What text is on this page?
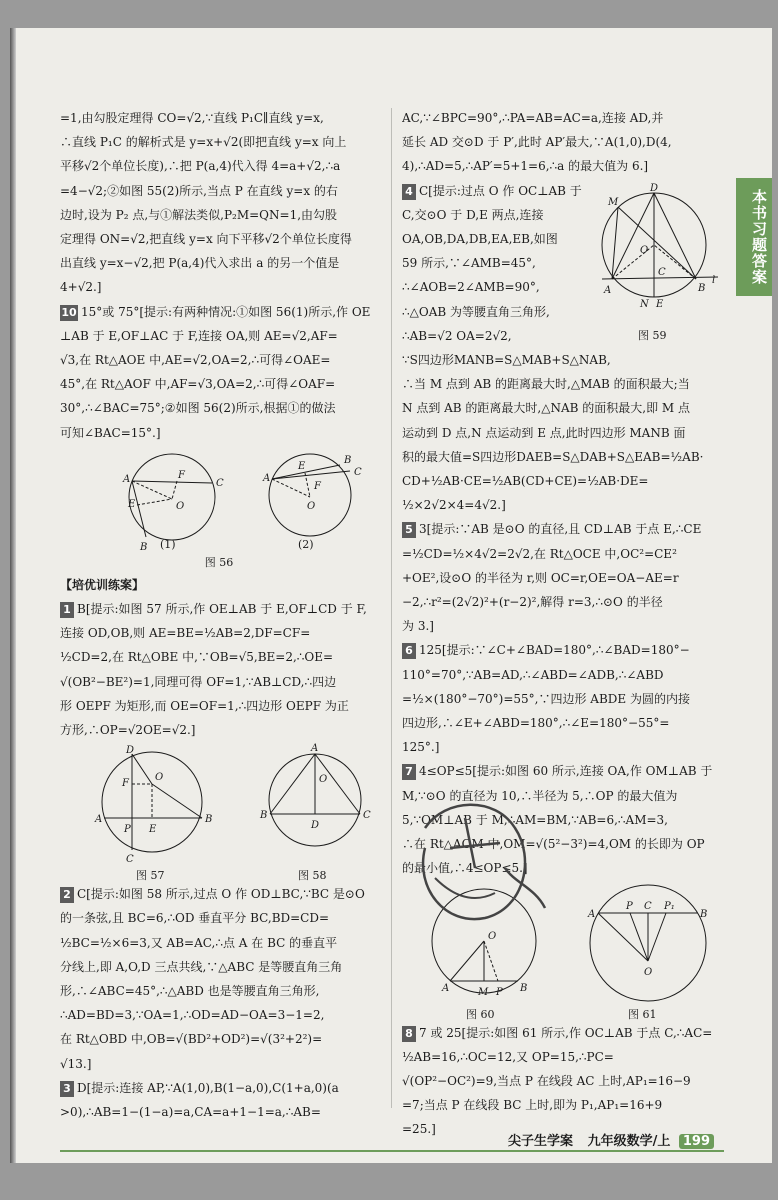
本书习题答案
=1,由勾股定理得 CO=√2,∵直线 P₁C∥直线 y=x,
∴直线 P₁C 的解析式是 y=x+√2(即把直线 y=x 向上
平移√2个单位长度),∴把 P(a,4)代入得 4=a+√2,∴a
=4−√2;②如图 55(2)所示,当点 P 在直线 y=x 的右
边时,设为 P₂ 点,与①解法类似,P₂M=QN=1,由勾股
定理得 ON=√2,把直线 y=x 向下平移√2个单位长度得
出直线 y=x−√2,把 P(a,4)代入求出 a 的另一个值是
4+√2.]
10 15°或 75°[提示:有两种情况:①如图 56(1)所示,作 OE
⊥AB 于 E,OF⊥AC 于 F,连接 OA,则 AE=√2,AF=
√3,在 Rt△AOE 中,AE=√2,OA=2,∴可得∠OAE=
45°,在 Rt△AOF 中,AF=√3,OA=2,∴可得∠OAF=
30°,∴∠BAC=75°;②如图 56(2)所示,根据①的做法
可知∠BAC=15°.]
A	F
C
E	O
B
A
E
B
C
F
O
(1)	(2)
图 56
【培优训练案】
1 B[提示:如图 57 所示,作 OE⊥AB 于 E,OF⊥CD 于 F,
连接 OD,OB,则 AE=BE=½AB=2,DF=CF=
½CD=2,在 Rt△OBE 中,∵OB=√5,BE=2,∴OE=
√(OB²−BE²)=1,同理可得 OF=1,∵AB⊥CD,∴四边
形 OEPF 为矩形,而 OE=OF=1,∴四边形 OEPF 为正
方形,∴OP=√2OE=√2.]
D
F
O
A	B
P E
C
A
O
B	C
D
图 57	图 58
2 C[提示:如图 58 所示,过点 O 作 OD⊥BC,∵BC 是⊙O
的一条弦,且 BC=6,∴OD 垂直平分 BC,BD=CD=
½BC=½×6=3,又 AB=AC,∴点 A 在 BC 的垂直平
分线上,即 A,O,D 三点共线,∵△ABC 是等腰直角三角
形,∴∠ABC=45°,∴△ABD 也是等腰直角三角形,
∴AD=BD=3,∵OA=1,∴OD=AD−OA=3−1=2,
在 Rt△OBD 中,OB=√(BD²+OD²)=√(3²+2²)=
√13.]
3 D[提示:连接 AP,∵A(1,0),B(1−a,0),C(1+a,0)(a
>0),∴AB=1−(1−a)=a,CA=a+1−1=a,∴AB=
AC,∵∠BPC=90°,∴PA=AB=AC=a,连接 AD,并
延长 AD 交⊙D 于 P′,此时 AP′最大,∵A(1,0),D(4,
4),∴AD=5,∴AP′=5+1=6,∴a 的最大值为 6.]
D
M
O
A
C
B
l
N E
4 C[提示:过点 O 作 OC⊥AB 于
C,交⊙O 于 D,E 两点,连接
OA,OB,DA,DB,EA,EB,如图
59 所示,∵∠AMB=45°,
∴∠AOB=2∠AMB=90°,
∴△OAB 为等腰直角三角形,
∴AB=√2 OA=2√2,	图 59
∵S四边形MANB=S△MAB+S△NAB,
∴当 M 点到 AB 的距离最大时,△MAB 的面积最大;当
N 点到 AB 的距离最大时,△NAB 的面积最大,即 M 点
运动到 D 点,N 点运动到 E 点,此时四边形 MANB 面
积的最大值=S四边形DAEB=S△DAB+S△EAB=½AB·
CD+½AB·CE=½AB(CD+CE)=½AB·DE=
½×2√2×4=4√2.]
5 3[提示:∵AB 是⊙O 的直径,且 CD⊥AB 于点 E,∴CE
=½CD=½×4√2=2√2,在 Rt△OCE 中,OC²=CE²
+OE²,设⊙O 的半径为 r,则 OC=r,OE=OA−AE=r
−2,∴r²=(2√2)²+(r−2)²,解得 r=3,∴⊙O 的半径
为 3.]
6 125[提示:∵∠C+∠BAD=180°,∴∠BAD=180°−
110°=70°,∵AB=AD,∴∠ABD=∠ADB,∴∠ABD
=½×(180°−70°)=55°,∵四边形 ABDE 为圆的内接
四边形,∴∠E+∠ABD=180°,∴∠E=180°−55°=
125°.]
7 4≤OP≤5[提示:如图 60 所示,连接 OA,作 OM⊥AB 于
M,∵⊙O 的直径为 10,∴半径为 5,∴OP 的最大值为
5,∵OM⊥AB 于 M,∴AM=BM,∵AB=6,∴AM=3,
∴在 Rt△AOM 中,OM=√(5²−3²)=4,OM 的长即为 OP
的最小值,∴4≤OP≤5.]
O
A	M P B
A
P C P₁
B
O
图 60	图 61
8 7 或 25[提示:如图 61 所示,作 OC⊥AB 于点 C,∴AC=
½AB=16,∴OC=12,又 OP=15,∴PC=
√(OP²−OC²)=9,当点 P 在线段 AC 上时,AP₁=16−9
=7;当点 P 在线段 BC 上时,即为 P₁,AP₁=16+9
=25.]
尖子生学案 九年级数学/上 199
